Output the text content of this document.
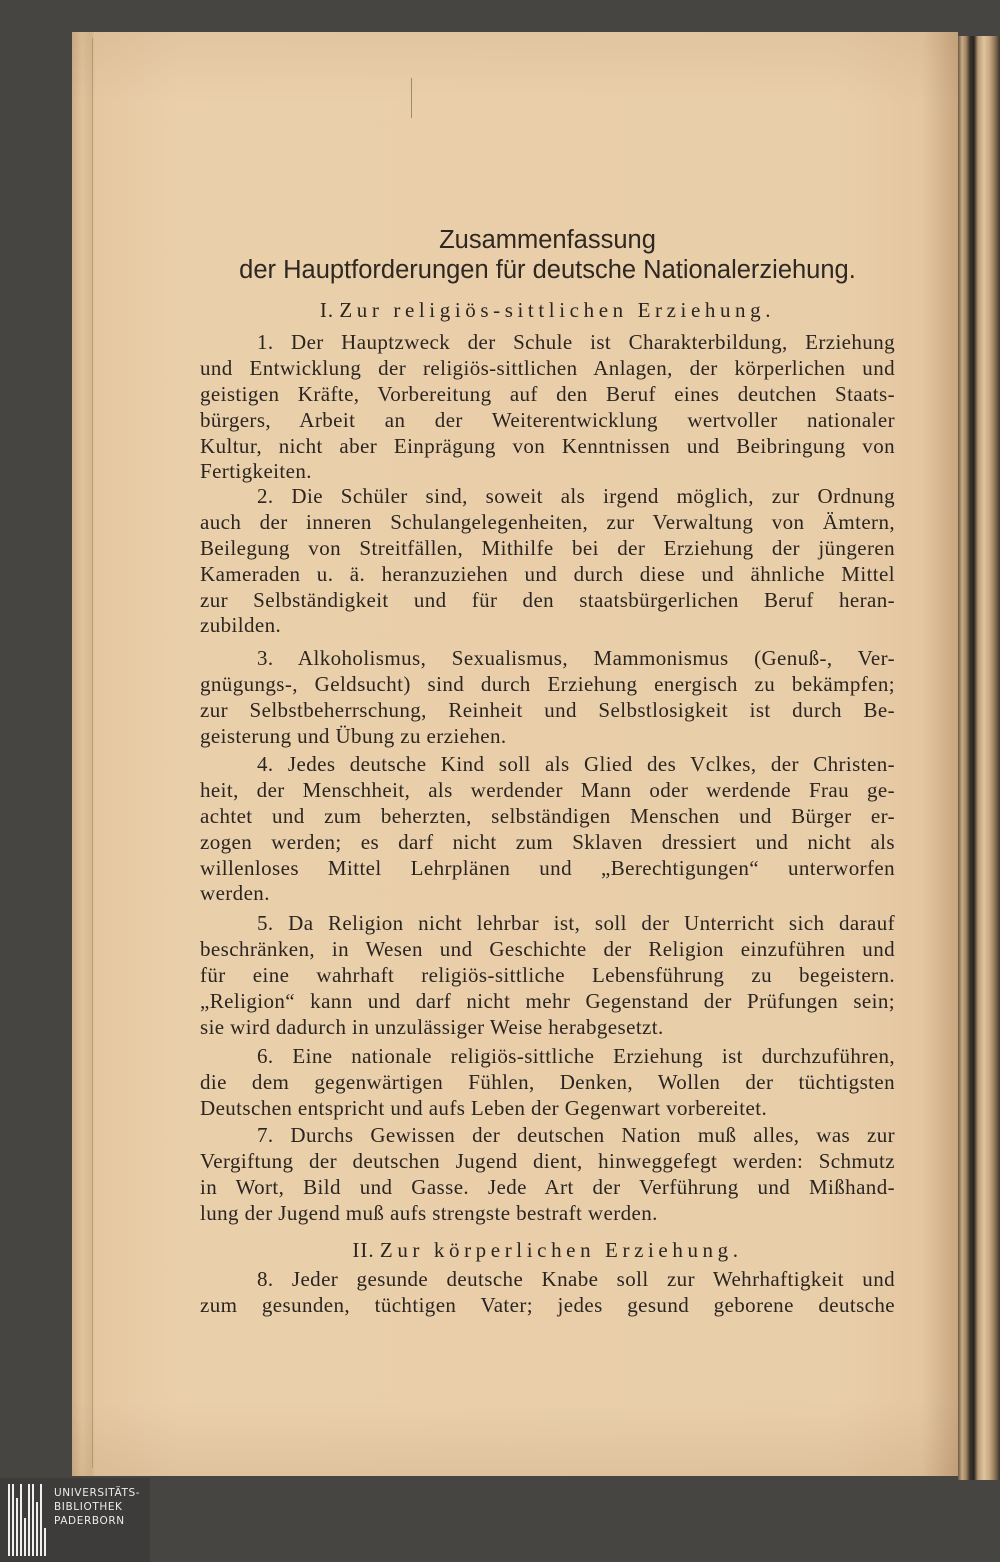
Zusammenfassung
der Hauptforderungen für deutsche Nationalerziehung.
I. Zur religiös-sittlichen Erziehung.
1. Der Hauptzweck der Schule ist Charakterbildung, Erziehung
und Entwicklung der religiös-sittlichen Anlagen, der körperlichen und
geistigen Kräfte, Vorbereitung auf den Beruf eines deutchen Staats-
bürgers, Arbeit an der Weiterentwicklung wertvoller nationaler
Kultur, nicht aber Einprägung von Kenntnissen und Beibringung von
Fertigkeiten.
2. Die Schüler sind, soweit als irgend möglich, zur Ordnung
auch der inneren Schulangelegenheiten, zur Verwaltung von Ämtern,
Beilegung von Streitfällen, Mithilfe bei der Erziehung der jüngeren
Kameraden u. ä. heranzuziehen und durch diese und ähnliche Mittel
zur Selbständigkeit und für den staatsbürgerlichen Beruf heran-
zubilden.
3. Alkoholismus, Sexualismus, Mammonismus (Genuß-, Ver-
gnügungs-, Geldsucht) sind durch Erziehung energisch zu bekämpfen;
zur Selbstbeherrschung, Reinheit und Selbstlosigkeit ist durch Be-
geisterung und Übung zu erziehen.
4. Jedes deutsche Kind soll als Glied des Vclkes, der Christen-
heit, der Menschheit, als werdender Mann oder werdende Frau ge-
achtet und zum beherzten, selbständigen Menschen und Bürger er-
zogen werden; es darf nicht zum Sklaven dressiert und nicht als
willenloses Mittel Lehrplänen und „Berechtigungen“ unterworfen
werden.
5. Da Religion nicht lehrbar ist, soll der Unterricht sich darauf
beschränken, in Wesen und Geschichte der Religion einzuführen und
für eine wahrhaft religiös-sittliche Lebensführung zu begeistern.
„Religion“ kann und darf nicht mehr Gegenstand der Prüfungen sein;
sie wird dadurch in unzulässiger Weise herabgesetzt.
6. Eine nationale religiös-sittliche Erziehung ist durchzuführen,
die dem gegenwärtigen Fühlen, Denken, Wollen der tüchtigsten
Deutschen entspricht und aufs Leben der Gegenwart vorbereitet.
7. Durchs Gewissen der deutschen Nation muß alles, was zur
Vergiftung der deutschen Jugend dient, hinweggefegt werden: Schmutz
in Wort, Bild und Gasse. Jede Art der Verführung und Mißhand-
lung der Jugend muß aufs strengste bestraft werden.
II. Zur körperlichen Erziehung.
8. Jeder gesunde deutsche Knabe soll zur Wehrhaftigkeit und
zum gesunden, tüchtigen Vater; jedes gesund geborene deutsche
UNIVERSITÄTS-
BIBLIOTHEK
PADERBORN
